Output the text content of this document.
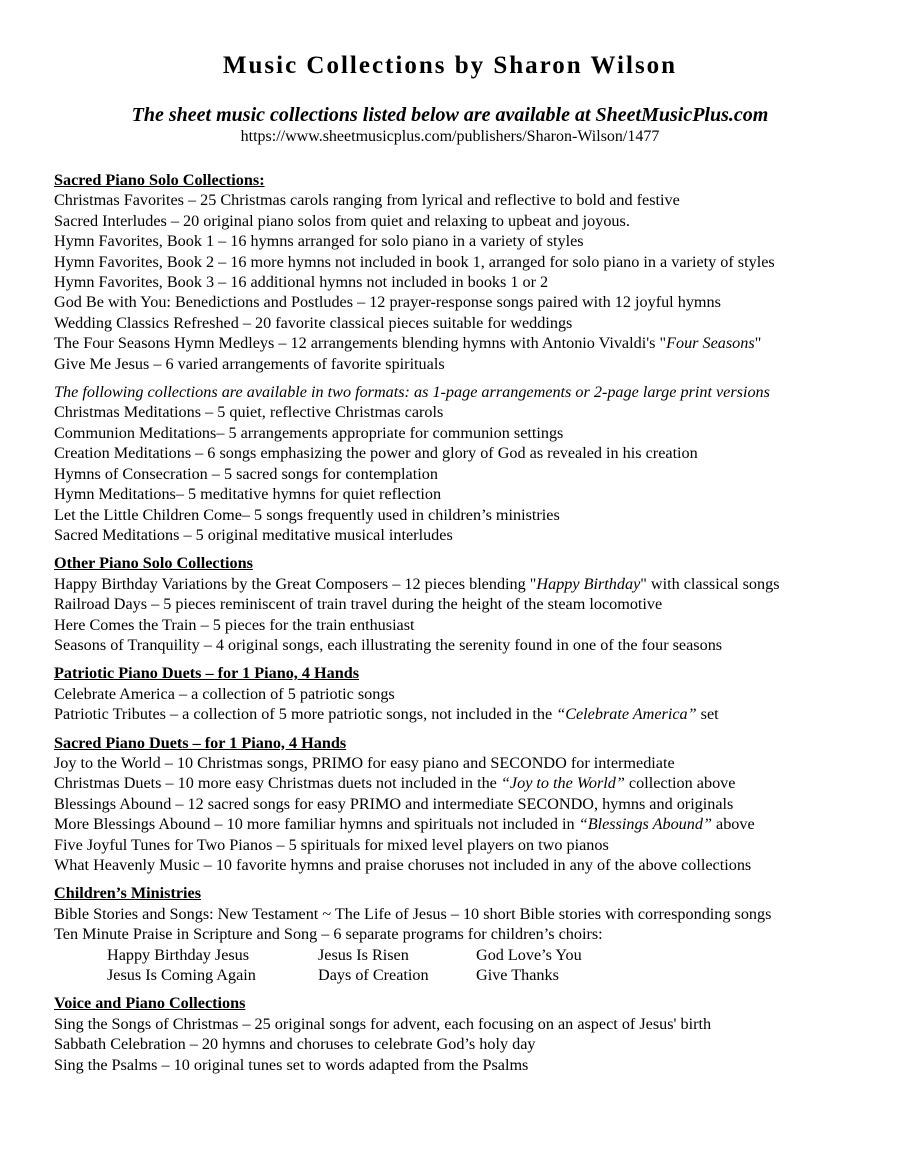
Music Collections by Sharon Wilson
The sheet music collections listed below are available at SheetMusicPlus.com
https://www.sheetmusicplus.com/publishers/Sharon-Wilson/1477
Sacred Piano Solo Collections:
Christmas Favorites – 25 Christmas carols ranging from lyrical and reflective to bold and festive
Sacred Interludes – 20 original piano solos from quiet and relaxing to upbeat and joyous.
Hymn Favorites, Book 1 – 16 hymns arranged for solo piano in a variety of styles
Hymn Favorites, Book 2 – 16 more hymns not included in book 1, arranged for solo piano in a variety of styles
Hymn Favorites, Book 3 – 16 additional hymns not included in books 1 or 2
God Be with You: Benedictions and Postludes – 12 prayer-response songs paired with 12 joyful hymns
Wedding Classics Refreshed – 20 favorite classical pieces suitable for weddings
The Four Seasons Hymn Medleys – 12 arrangements blending hymns with Antonio Vivaldi's "Four Seasons"
Give Me Jesus – 6 varied arrangements of favorite spirituals
The following collections are available in two formats: as 1-page arrangements or 2-page large print versions
Christmas Meditations – 5 quiet, reflective Christmas carols
Communion Meditations– 5 arrangements appropriate for communion settings
Creation Meditations – 6 songs emphasizing the power and glory of God as revealed in his creation
Hymns of Consecration – 5 sacred songs for contemplation
Hymn Meditations– 5 meditative hymns for quiet reflection
Let the Little Children Come– 5 songs frequently used in children’s ministries
Sacred Meditations – 5 original meditative musical interludes
Other Piano Solo Collections
Happy Birthday Variations by the Great Composers – 12 pieces blending "Happy Birthday" with classical songs
Railroad Days – 5 pieces reminiscent of train travel during the height of the steam locomotive
Here Comes the Train – 5 pieces for the train enthusiast
Seasons of Tranquility – 4 original songs, each illustrating the serenity found in one of the four seasons
Patriotic Piano Duets – for 1 Piano, 4 Hands
Celebrate America – a collection of 5 patriotic songs
Patriotic Tributes – a collection of 5 more patriotic songs, not included in the “Celebrate America” set
Sacred Piano Duets – for 1 Piano, 4 Hands
Joy to the World – 10 Christmas songs, PRIMO for easy piano and SECONDO for intermediate
Christmas Duets – 10 more easy Christmas duets not included in the “Joy to the World” collection above
Blessings Abound – 12 sacred songs for easy PRIMO and intermediate SECONDO, hymns and originals
More Blessings Abound – 10 more familiar hymns and spirituals not included in “Blessings Abound” above
Five Joyful Tunes for Two Pianos – 5 spirituals for mixed level players on two pianos
What Heavenly Music – 10 favorite hymns and praise choruses not included in any of the above collections
Children’s Ministries
Bible Stories and Songs: New Testament ~ The Life of Jesus – 10 short Bible stories with corresponding songs
Ten Minute Praise in Scripture and Song – 6 separate programs for children’s choirs:
Happy Birthday Jesus	Jesus Is Risen	God Love’s You
Jesus Is Coming Again	Days of Creation	Give Thanks
Voice and Piano Collections
Sing the Songs of Christmas – 25 original songs for advent, each focusing on an aspect of Jesus' birth
Sabbath Celebration – 20 hymns and choruses to celebrate God’s holy day
Sing the Psalms – 10 original tunes set to words adapted from the Psalms
